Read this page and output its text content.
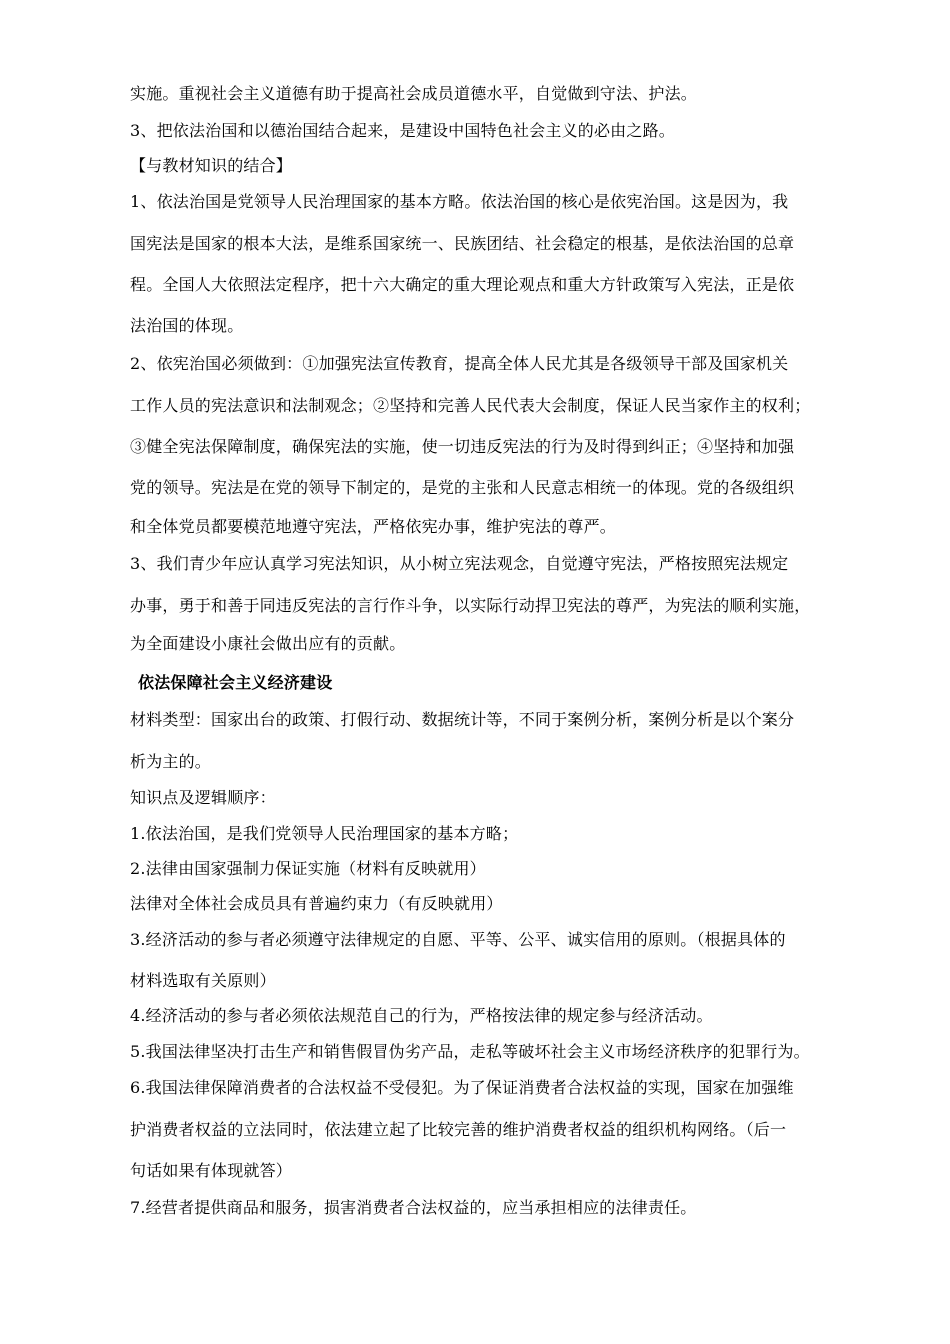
实施。重视社会主义道德有助于提高社会成员道德水平，自觉做到守法、护法。
3、把依法治国和以德治国结合起来，是建设中国特色社会主义的必由之路。
【与教材知识的结合】
1、依法治国是党领导人民治理国家的基本方略。依法治国的核心是依宪治国。这是因为，我
国宪法是国家的根本大法，是维系国家统一、民族团结、社会稳定的根基，是依法治国的总章
程。全国人大依照法定程序，把十六大确定的重大理论观点和重大方针政策写入宪法，正是依
法治国的体现。
2、依宪治国必须做到：①加强宪法宣传教育，提高全体人民尤其是各级领导干部及国家机关
工作人员的宪法意识和法制观念；②坚持和完善人民代表大会制度，保证人民当家作主的权利；
③健全宪法保障制度，确保宪法的实施，使一切违反宪法的行为及时得到纠正；④坚持和加强
党的领导。宪法是在党的领导下制定的，是党的主张和人民意志相统一的体现。党的各级组织
和全体党员都要模范地遵守宪法，严格依宪办事，维护宪法的尊严。
3、我们青少年应认真学习宪法知识，从小树立宪法观念，自觉遵守宪法，严格按照宪法规定
办事，勇于和善于同违反宪法的言行作斗争，以实际行动捍卫宪法的尊严，为宪法的顺利实施，
为全面建设小康社会做出应有的贡献。
依法保障社会主义经济建设
材料类型：国家出台的政策、打假行动、数据统计等，不同于案例分析，案例分析是以个案分
析为主的。
知识点及逻辑顺序：
1.依法治国，是我们党领导人民治理国家的基本方略；
2.法律由国家强制力保证实施（材料有反映就用）
法律对全体社会成员具有普遍约束力（有反映就用）
3.经济活动的参与者必须遵守法律规定的自愿、平等、公平、诚实信用的原则。（根据具体的
材料选取有关原则）
4.经济活动的参与者必须依法规范自己的行为，严格按法律的规定参与经济活动。
5.我国法律坚决打击生产和销售假冒伪劣产品，走私等破坏社会主义市场经济秩序的犯罪行为。
6.我国法律保障消费者的合法权益不受侵犯。为了保证消费者合法权益的实现，国家在加强维
护消费者权益的立法同时，依法建立起了比较完善的维护消费者权益的组织机构网络。（后一
句话如果有体现就答）
7.经营者提供商品和服务，损害消费者合法权益的，应当承担相应的法律责任。
